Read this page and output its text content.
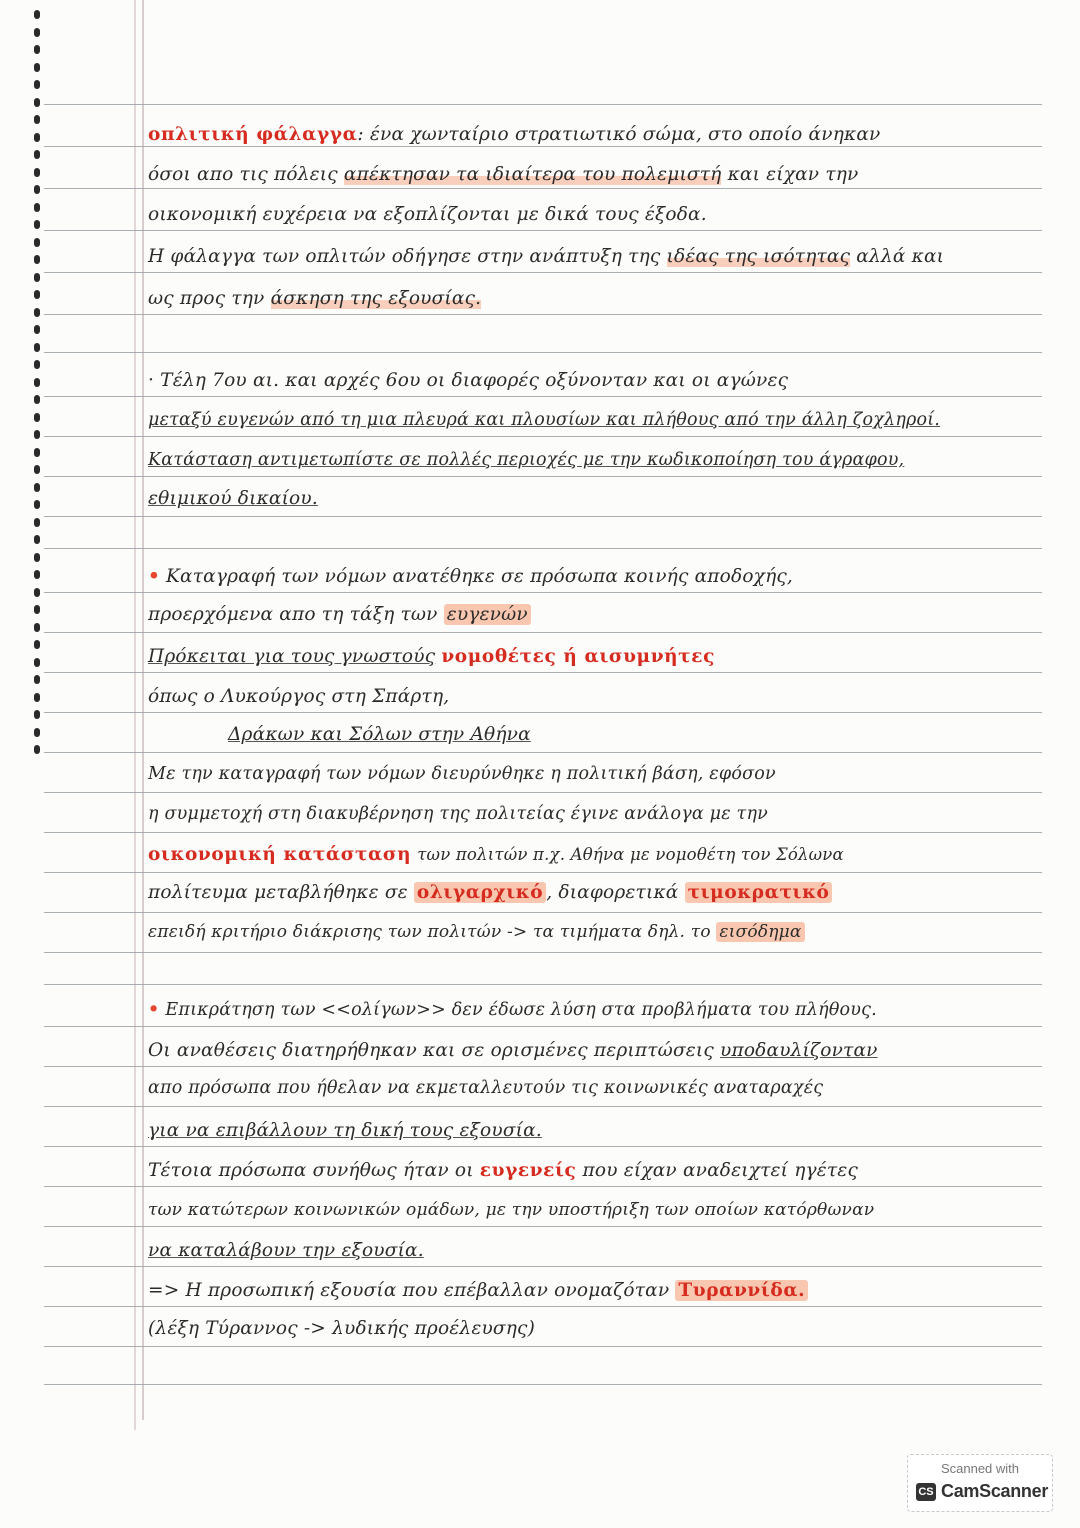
οπλιτική φάλαγγα: ένα χωνταίριο στρατιωτικό σώμα, στο οποίο άνηκαν
όσοι απο τις πόλεις απέκτησαν τα ιδιαίτερα του πολεμιστή και είχαν την
οικονομική ευχέρεια να εξοπλίζονται με δικά τους έξοδα.
Η φάλαγγα των οπλιτών οδήγησε στην ανάπτυξη της ιδέας της ισότητας αλλά και
ως προς την άσκηση της εξουσίας.
· Τέλη 7ου αι. και αρχές 6ου οι διαφορές οξύνονταν και οι αγώνες
μεταξύ ευγενών από τη μια πλευρά και πλουσίων και πλήθους από την άλλη ζοχληροί.
Κατάσταση αντιμετωπίστε σε πολλές περιοχές με την κωδικοποίηση του άγραφου,
εθιμικού δικαίου.
• Καταγραφή των νόμων ανατέθηκε σε πρόσωπα κοινής αποδοχής,
προερχόμενα απο τη τάξη των ευγενών
Πρόκειται για τους γνωστούς νομοθέτες ή αισυμνήτες
όπως ο Λυκούργος στη Σπάρτη,
Δράκων και Σόλων στην Αθήνα
Με την καταγραφή των νόμων διευρύνθηκε η πολιτική βάση, εφόσον
η συμμετοχή στη διακυβέρνηση της πολιτείας έγινε ανάλογα με την
οικονομική κατάσταση των πολιτών π.χ. Αθήνα με νομοθέτη τον Σόλωνα
πολίτευμα μεταβλήθηκε σε ολιγαρχικό , διαφορετικά τιμοκρατικό
επειδή κριτήριο διάκρισης των πολιτών -> τα τιμήματα δηλ. το εισόδημα
• Επικράτηση των <<ολίγων>> δεν έδωσε λύση στα προβλήματα του πλήθους.
Οι αναθέσεις διατηρήθηκαν και σε ορισμένες περιπτώσεις υποδαυλίζονταν
απο πρόσωπα που ήθελαν να εκμεταλλευτούν τις κοινωνικές αναταραχές
για να επιβάλλουν τη δική τους εξουσία.
Τέτοια πρόσωπα συνήθως ήταν οι ευγενείς που είχαν αναδειχτεί ηγέτες
των κατώτερων κοινωνικών ομάδων, με την υποστήριξη των οποίων κατόρθωναν
να καταλάβουν την εξουσία.
=> Η προσωπική εξουσία που επέβαλλαν ονομαζόταν Τυραννίδα.
(λέξη Τύραννος -> λυδικής προέλευσης)
Scanned with
CS CamScanner
